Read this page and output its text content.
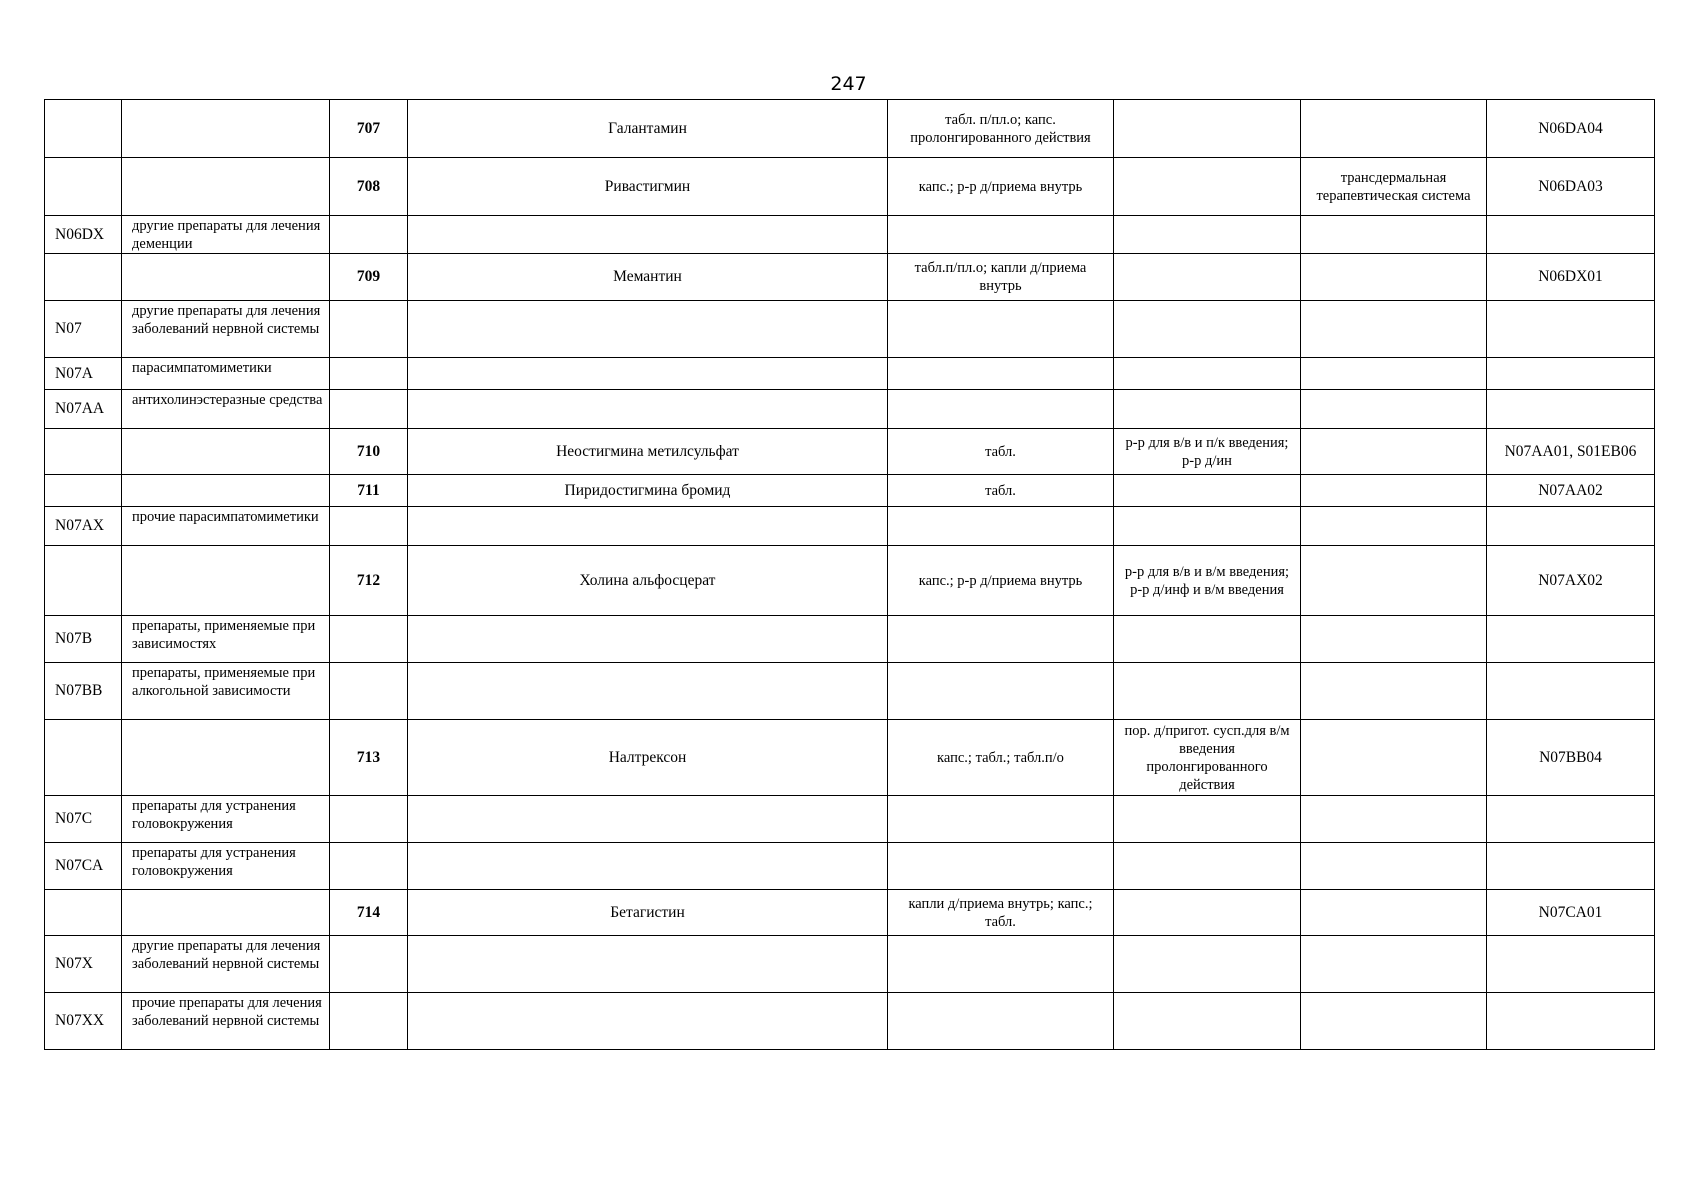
247
		707	Галантамин	табл. п/пл.о; капс. пролонгированного действия			N06DA04
		708	Ривастигмин	капс.; р-р д/приема внутрь		трансдермальная терапевтическая система	N06DA03
N06DX	другие препараты для лечения деменции						
		709	Мемантин	табл.п/пл.о; капли д/приема внутрь			N06DX01
N07	другие препараты для лечения заболеваний нервной системы						
N07A	парасимпатомиметики						
N07AA	антихолинэстеразные средства						
		710	Неостигмина метилсульфат	табл.	р-р для в/в и п/к введения; р-р д/ин		N07AA01, S01EB06
		711	Пиридостигмина бромид	табл.			N07AA02
N07AX	прочие парасимпатомиметики						
		712	Холина альфосцерат	капс.; р-р д/приема внутрь	р-р для в/в и в/м введения; р-р д/инф и в/м введения		N07AX02
N07B	препараты, применяемые при зависимостях						
N07BB	препараты, применяемые при алкогольной зависимости						
		713	Налтрексон	капс.; табл.; табл.п/о	пор. д/пригот. сусп.для в/м введения пролонгированного действия		N07BB04
N07C	препараты для устранения головокружения						
N07CA	препараты для устранения головокружения						
		714	Бетагистин	капли д/приема внутрь; капс.; табл.			N07CA01
N07X	другие препараты для лечения заболеваний нервной системы						
N07XX	прочие препараты для лечения заболеваний нервной системы						
